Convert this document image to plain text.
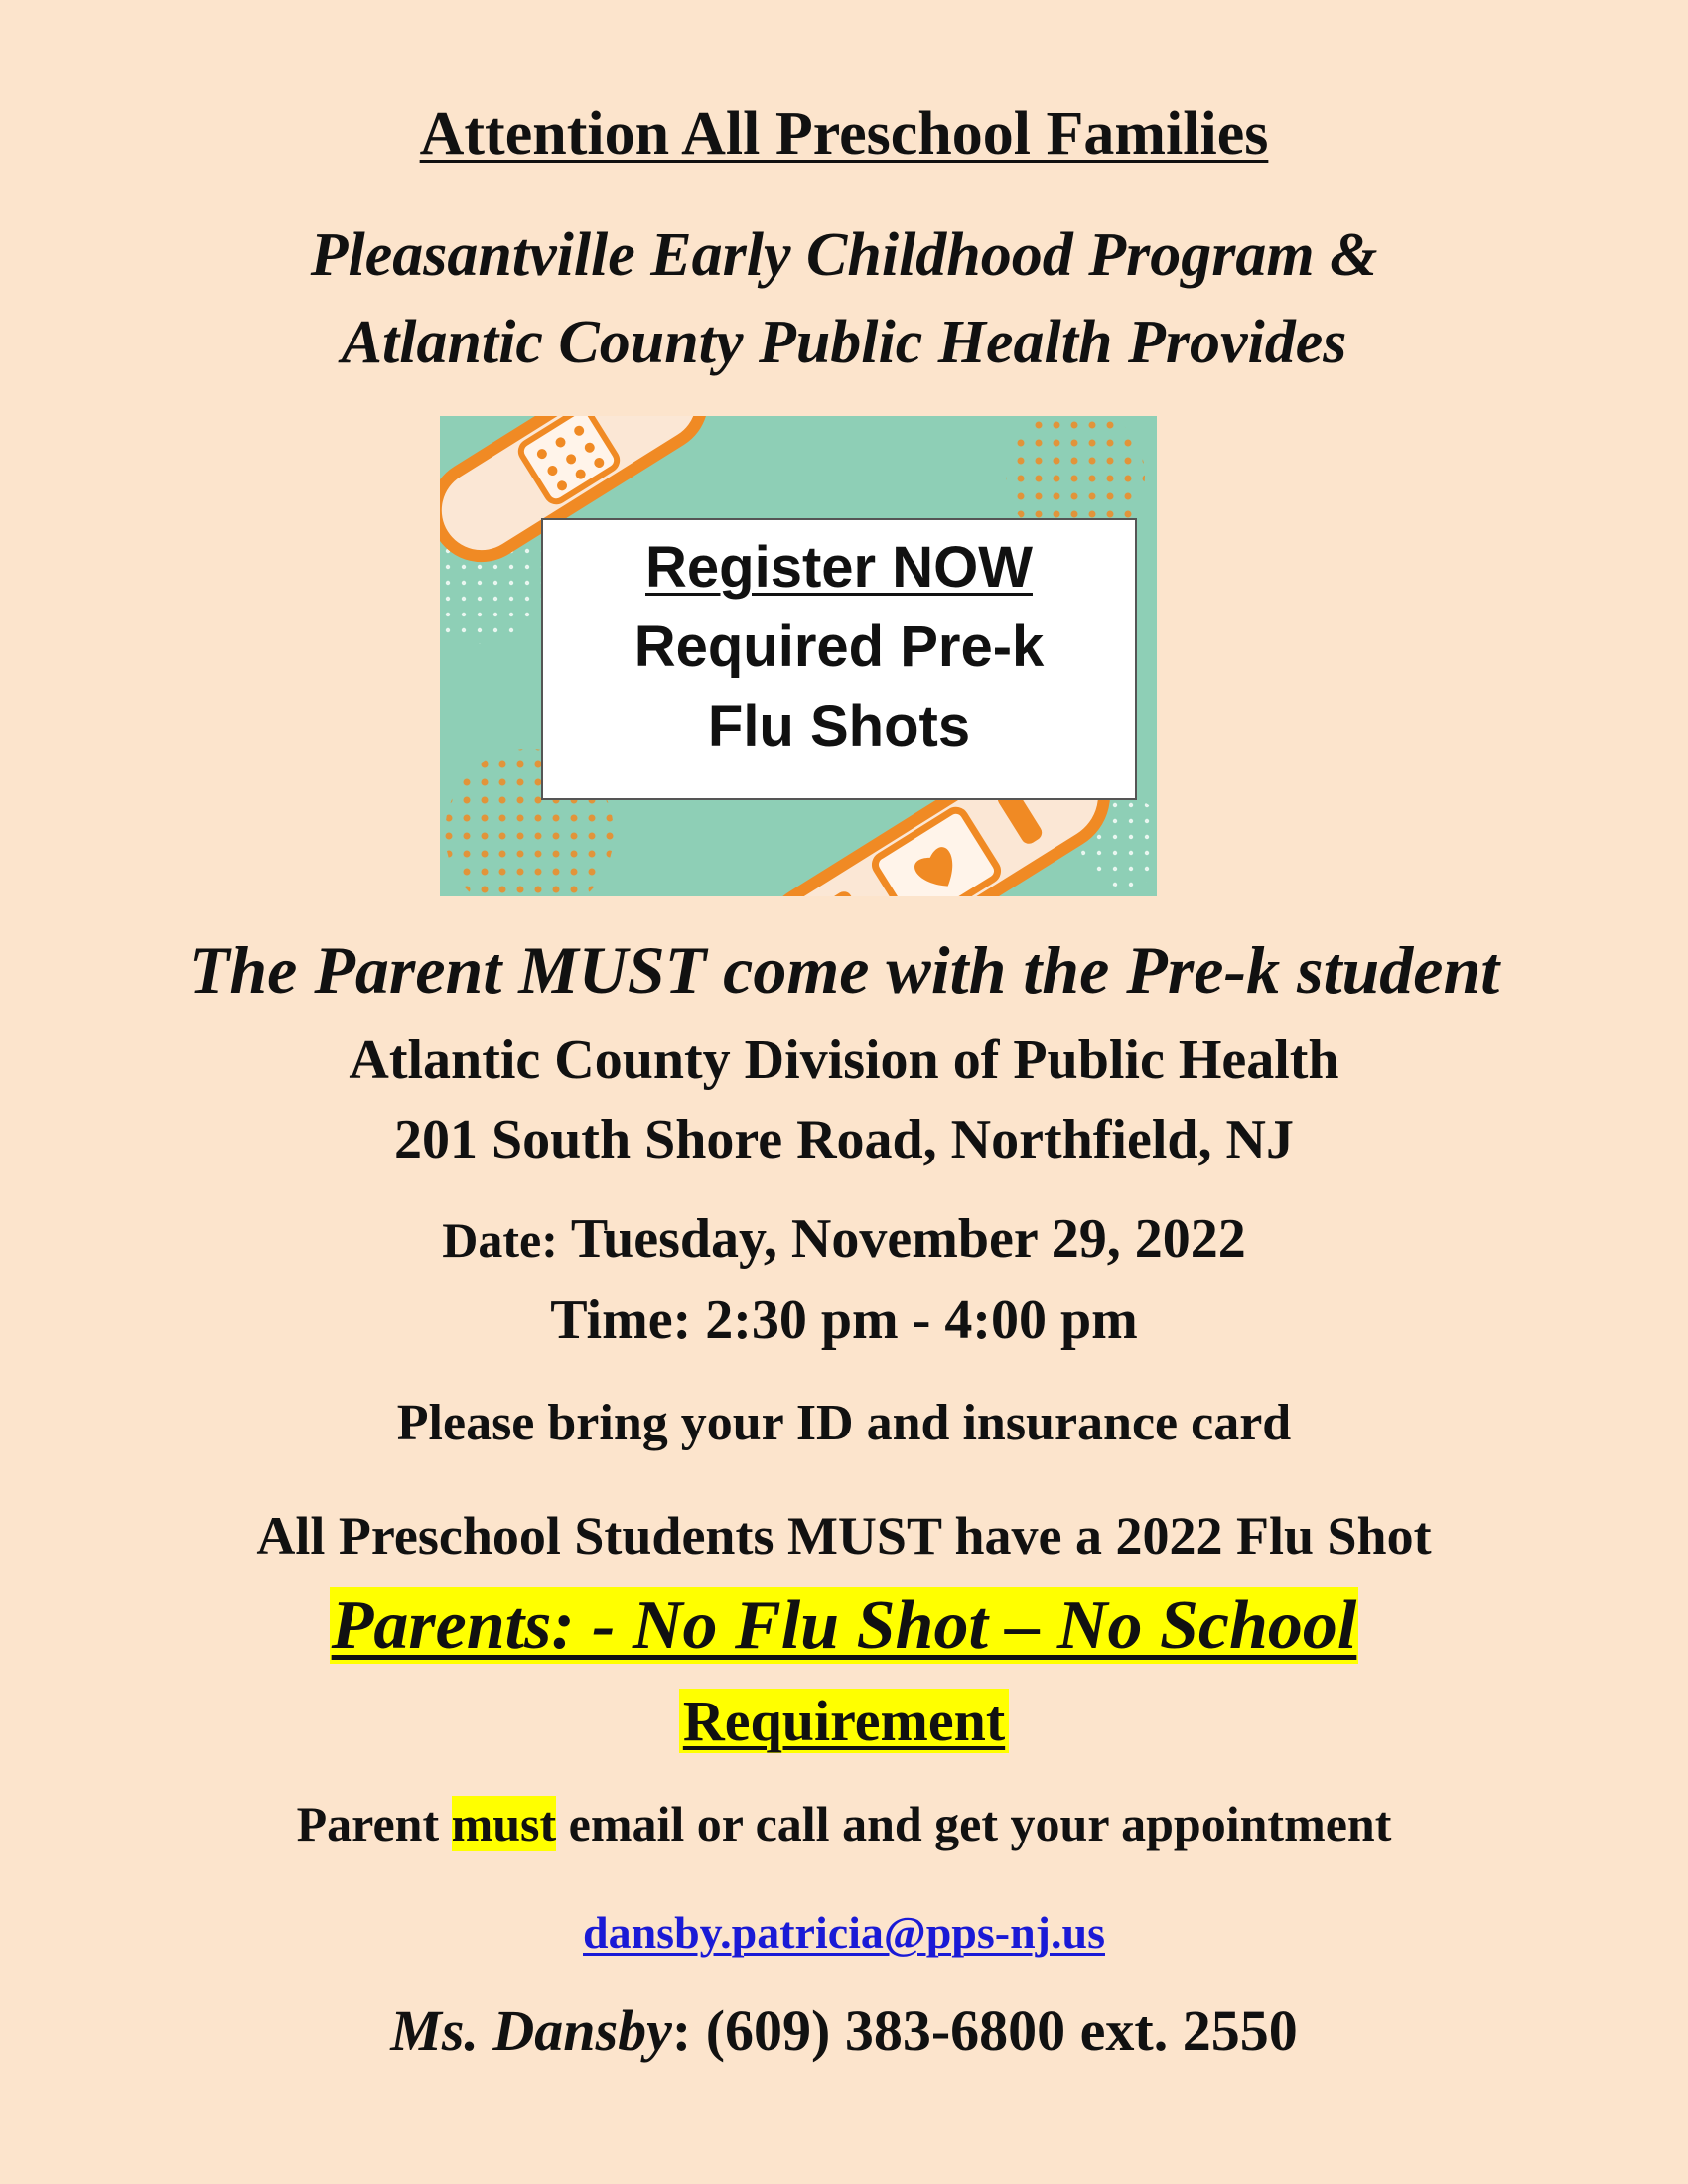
Attention All Preschool Families
Pleasantville Early Childhood Program &
Atlantic County Public Health Provides
Register NOW
Required Pre-k
Flu Shots
The Parent MUST come with the Pre-k student
Atlantic County Division of Public Health
201 South Shore Road, Northfield, NJ
Date: Tuesday, November 29, 2022
Time: 2:30 pm - 4:00 pm
Please bring your ID and insurance card
All Preschool Students MUST have a 2022 Flu Shot
Parents: - No Flu Shot – No School
Requirement
Parent must email or call and get your appointment
dansby.patricia@pps-nj.us
Ms. Dansby: (609) 383-6800 ext. 2550
